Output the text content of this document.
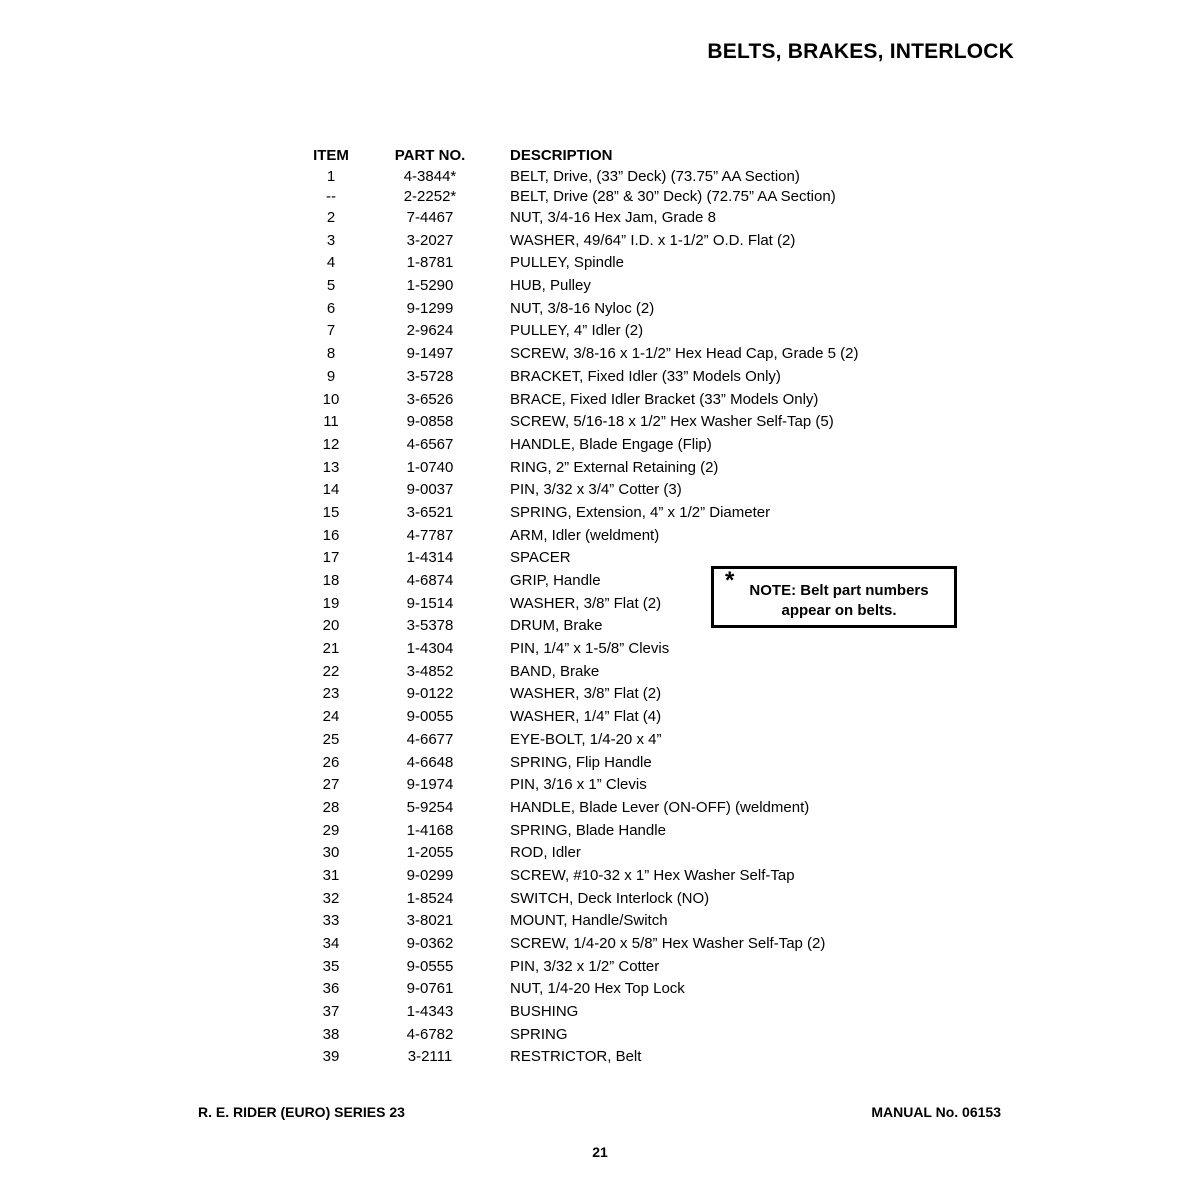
BELTS, BRAKES, INTERLOCK
ITEM	PART NO.	DESCRIPTION
1	4-3844*	BELT, Drive, (33” Deck) (73.75” AA Section)
--	2-2252*	BELT, Drive (28” & 30” Deck) (72.75” AA Section)
2	7-4467	NUT, 3/4-16 Hex Jam, Grade 8
3	3-2027	WASHER, 49/64” I.D. x 1-1/2” O.D. Flat (2)
4	1-8781	PULLEY, Spindle
5	1-5290	HUB, Pulley
6	9-1299	NUT, 3/8-16 Nyloc (2)
7	2-9624	PULLEY, 4” Idler (2)
8	9-1497	SCREW, 3/8-16 x 1-1/2” Hex Head Cap, Grade 5 (2)
9	3-5728	BRACKET, Fixed Idler (33” Models Only)
10	3-6526	BRACE, Fixed Idler Bracket (33” Models Only)
11	9-0858	SCREW, 5/16-18 x 1/2” Hex Washer Self-Tap (5)
12	4-6567	HANDLE, Blade Engage (Flip)
13	1-0740	RING, 2” External Retaining (2)
14	9-0037	PIN, 3/32 x 3/4” Cotter (3)
15	3-6521	SPRING, Extension, 4” x 1/2” Diameter
16	4-7787	ARM, Idler (weldment)
17	1-4314	SPACER
18	4-6874	GRIP, Handle
19	9-1514	WASHER, 3/8” Flat (2)
20	3-5378	DRUM, Brake
21	1-4304	PIN, 1/4” x 1-5/8” Clevis
22	3-4852	BAND, Brake
23	9-0122	WASHER, 3/8” Flat (2)
24	9-0055	WASHER, 1/4” Flat (4)
25	4-6677	EYE-BOLT, 1/4-20 x 4”
26	4-6648	SPRING, Flip Handle
27	9-1974	PIN, 3/16 x 1” Clevis
28	5-9254	HANDLE, Blade Lever (ON-OFF) (weldment)
29	1-4168	SPRING, Blade Handle
30	1-2055	ROD, Idler
31	9-0299	SCREW, #10-32 x 1” Hex Washer Self-Tap
32	1-8524	SWITCH, Deck Interlock (NO)
33	3-8021	MOUNT, Handle/Switch
34	9-0362	SCREW, 1/4-20 x 5/8” Hex Washer Self-Tap (2)
35	9-0555	PIN, 3/32 x 1/2” Cotter
36	9-0761	NUT, 1/4-20 Hex Top Lock
37	1-4343	BUSHING
38	4-6782	SPRING
39	3-2111	RESTRICTOR, Belt
*	NOTE: Belt part numbers
appear on belts.
R. E. RIDER (EURO) SERIES 23	MANUAL No. 06153
21
